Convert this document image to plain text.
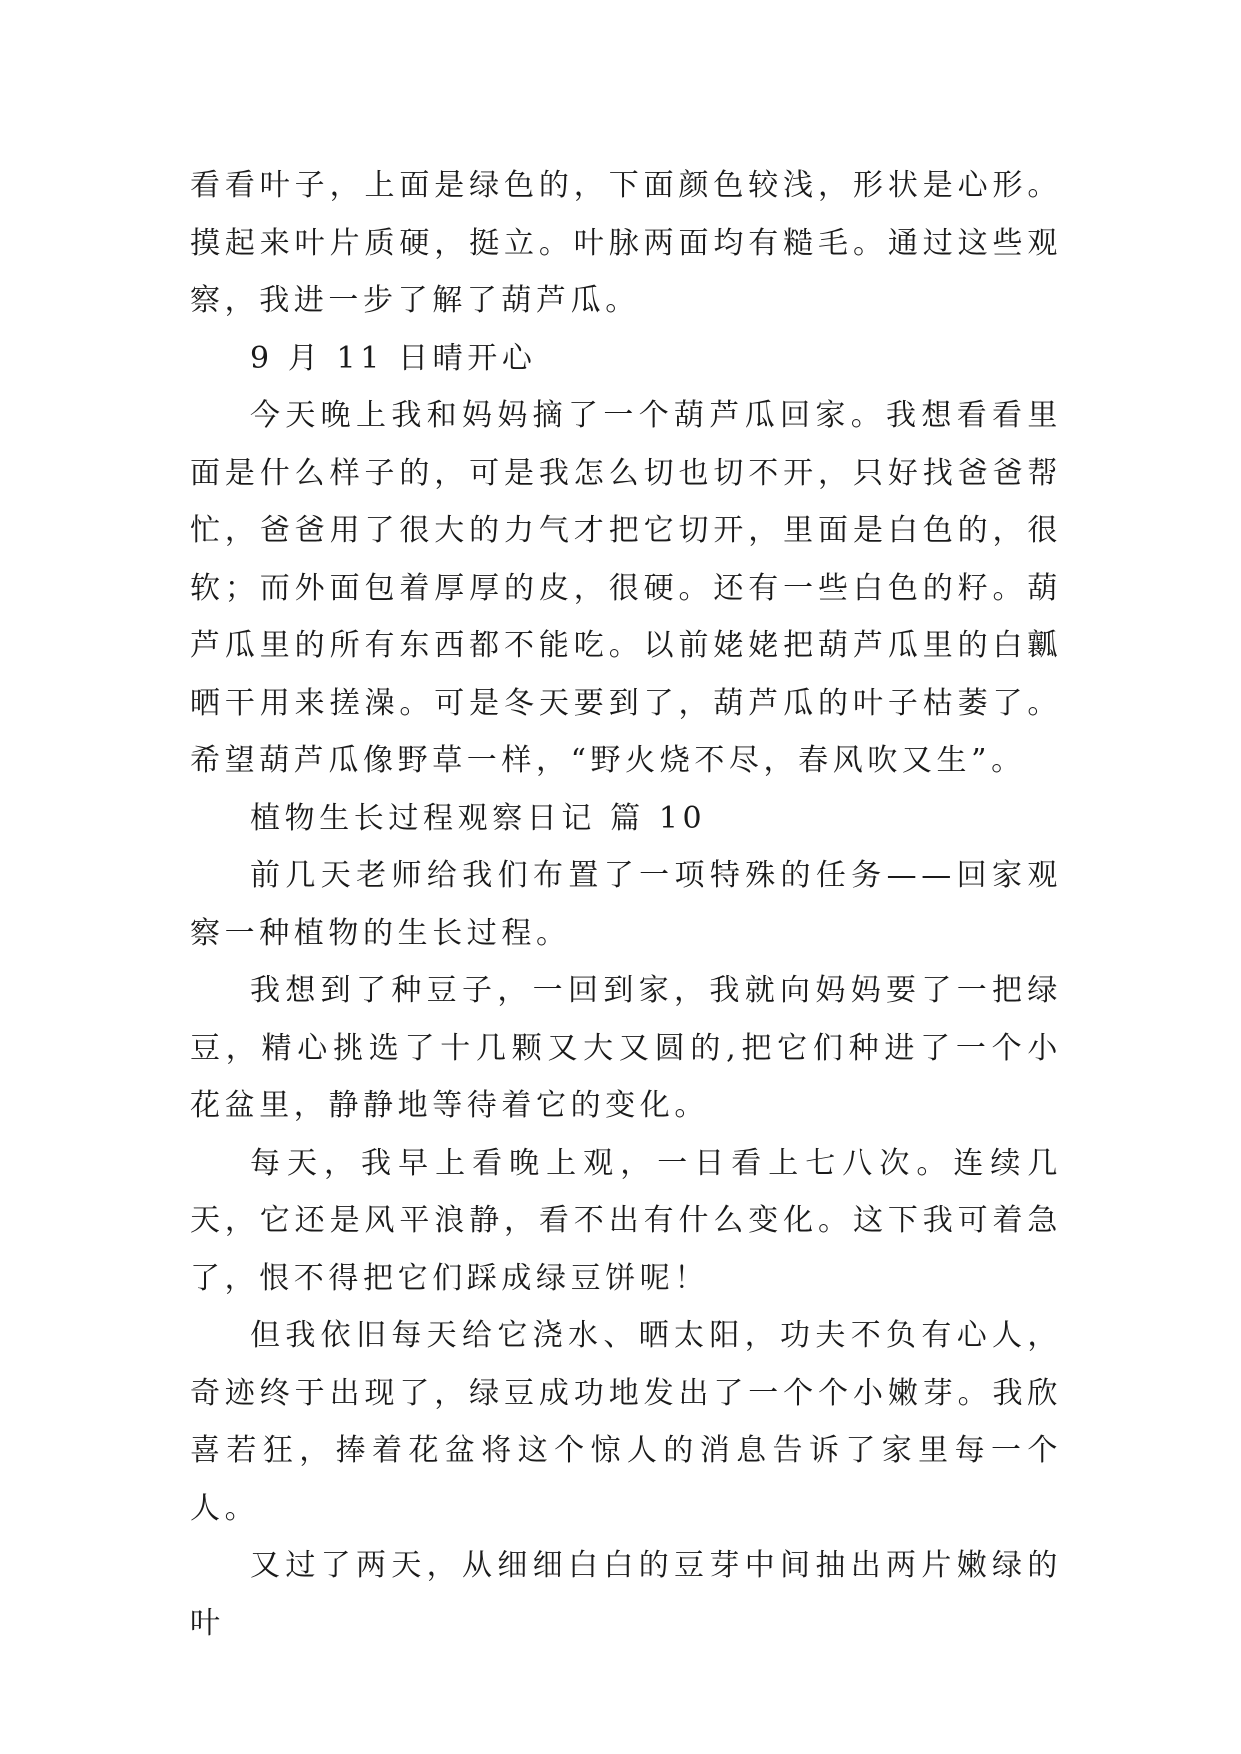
看看叶子，上面是绿色的，下面颜色较浅，形状是心形。摸起来叶片质硬，挺立。叶脉两面均有糙毛。通过这些观察，我进一步了解了葫芦瓜。

9 月 11 日晴开心

今天晚上我和妈妈摘了一个葫芦瓜回家。我想看看里面是什么样子的，可是我怎么切也切不开，只好找爸爸帮忙，爸爸用了很大的力气才把它切开，里面是白色的，很软；而外面包着厚厚的皮，很硬。还有一些白色的籽。葫芦瓜里的所有东西都不能吃。以前姥姥把葫芦瓜里的白瓤晒干用来搓澡。可是冬天要到了，葫芦瓜的叶子枯萎了。希望葫芦瓜像野草一样，“野火烧不尽，春风吹又生”。

植物生长过程观察日记 篇 10

前几天老师给我们布置了一项特殊的任务——回家观察一种植物的生长过程。

我想到了种豆子，一回到家，我就向妈妈要了一把绿豆，精心挑选了十几颗又大又圆的,把它们种进了一个小花盆里，静静地等待着它的变化。

每天，我早上看晚上观，一日看上七八次。连续几天，它还是风平浪静，看不出有什么变化。这下我可着急了，恨不得把它们踩成绿豆饼呢！

但我依旧每天给它浇水、晒太阳，功夫不负有心人，奇迹终于出现了，绿豆成功地发出了一个个小嫩芽。我欣喜若狂，捧着花盆将这个惊人的消息告诉了家里每一个人。

又过了两天，从细细白白的豆芽中间抽出两片嫩绿的叶
